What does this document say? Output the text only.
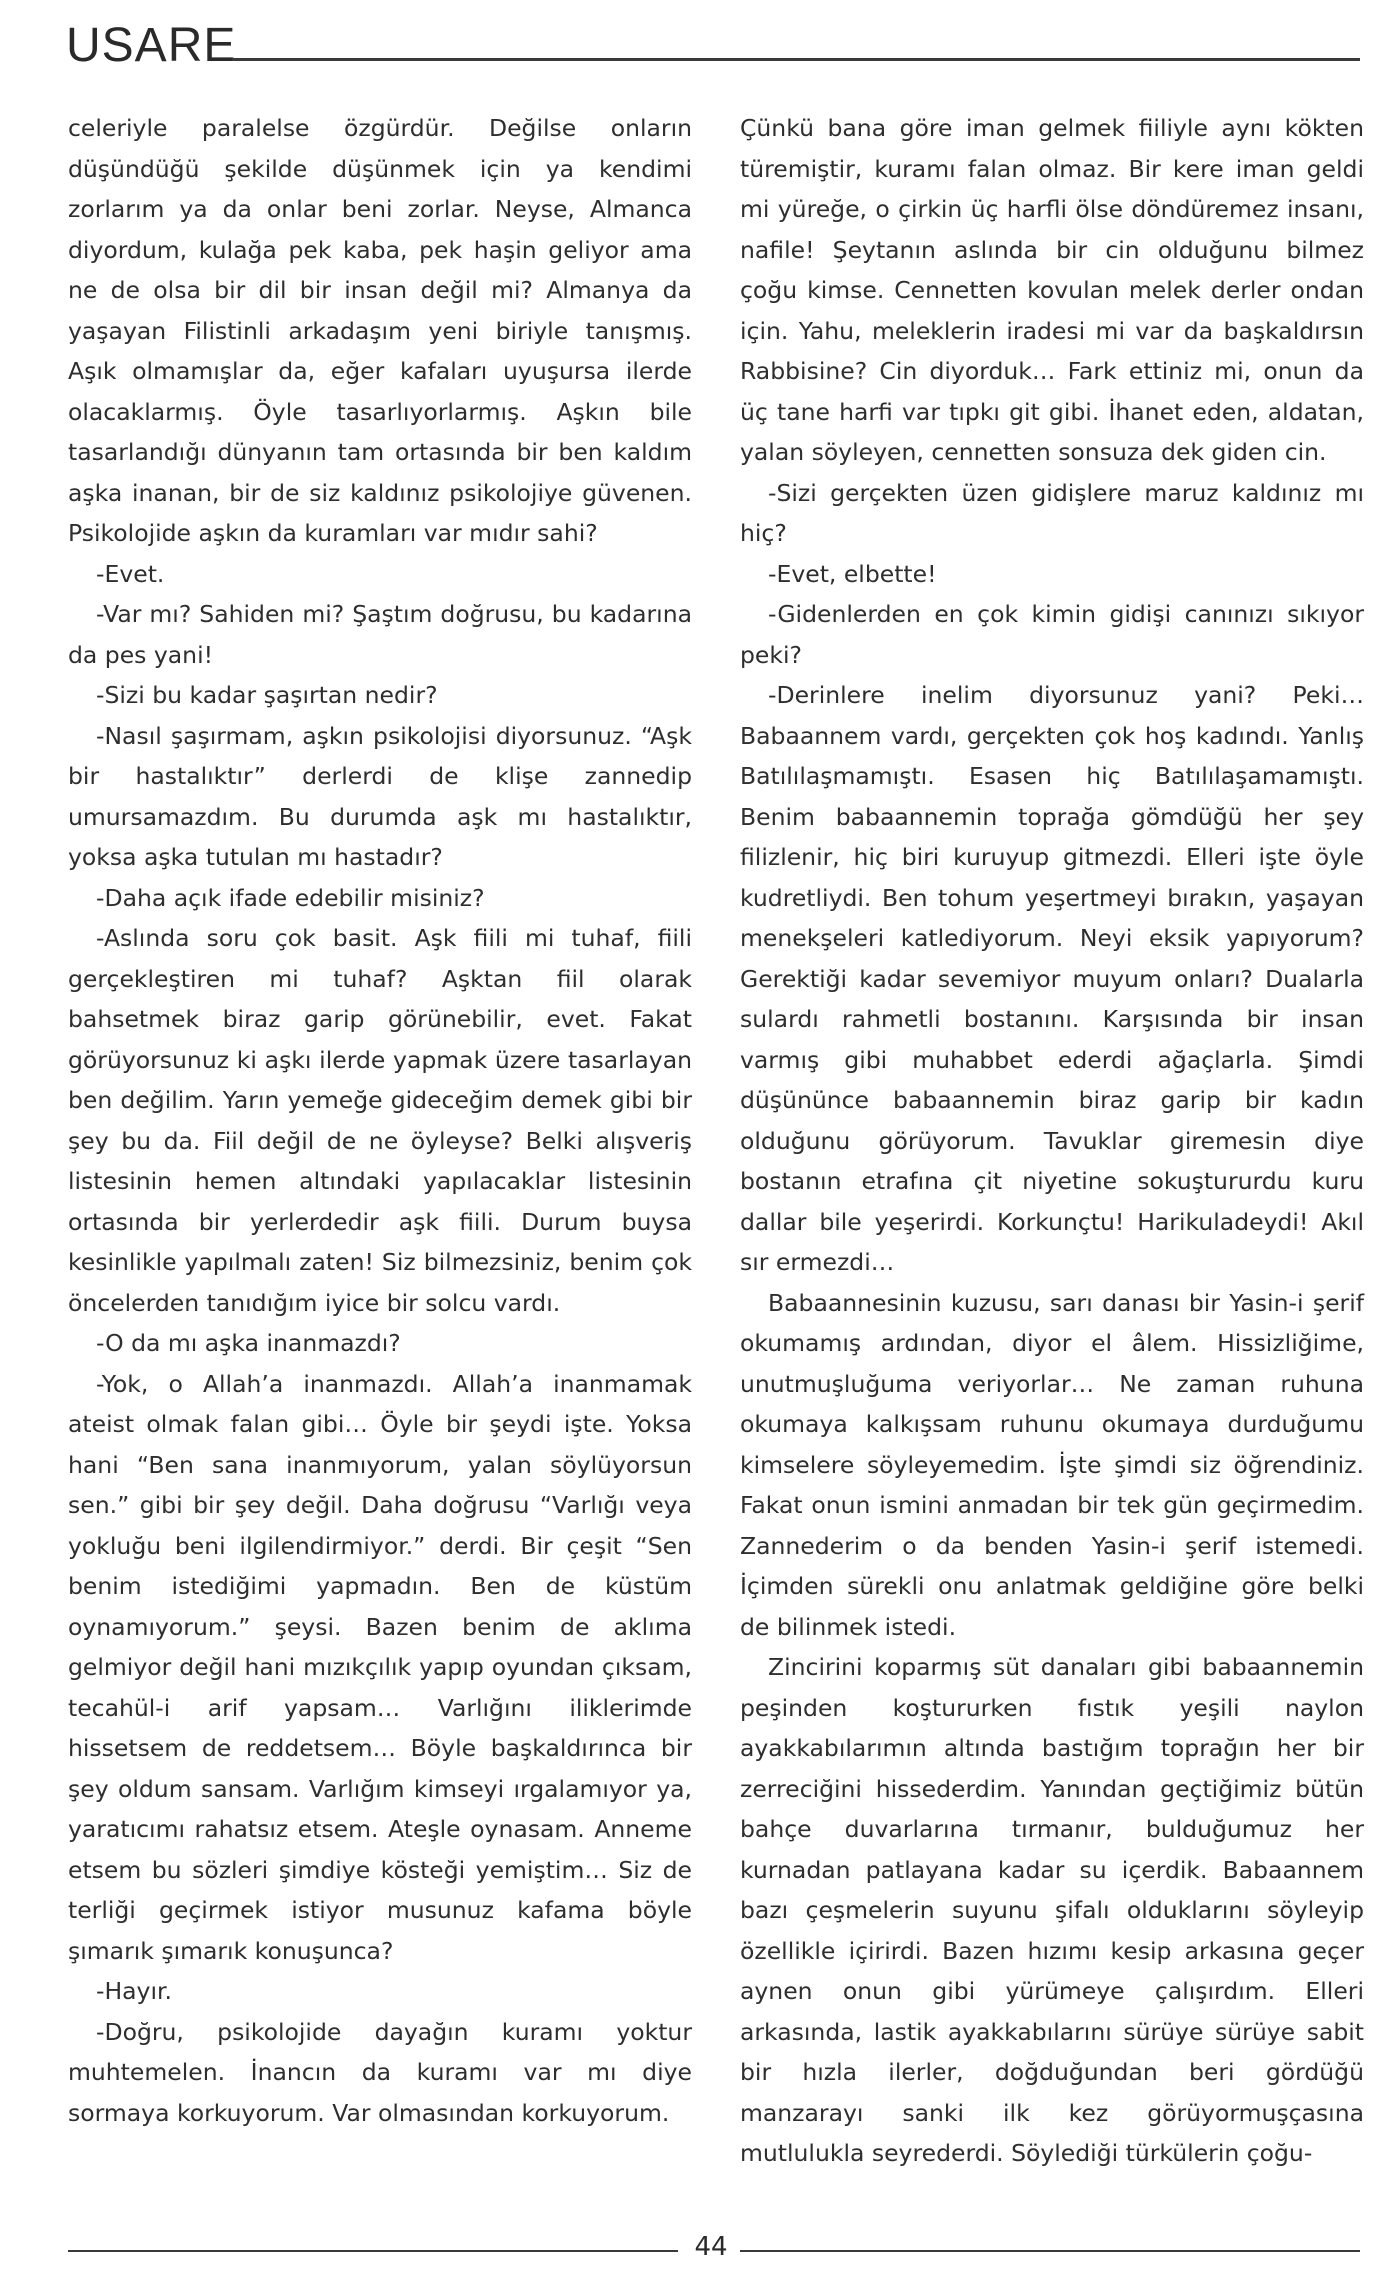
USARE

celeriyle paralelse özgürdür. Değilse onların düşündüğü şekilde düşünmek için ya kendimi zorlarım ya da onlar beni zorlar. Neyse, Almanca diyordum, kulağa pek kaba, pek haşin geliyor ama ne de olsa bir dil bir insan değil mi? Almanya da yaşayan Filistinli arkadaşım yeni biriyle tanışmış. Aşık olmamışlar da, eğer kafaları uyuşursa ilerde olacaklarmış. Öyle tasarlıyorlarmış. Aşkın bile tasarlandığı dünyanın tam ortasında bir ben kaldım aşka inanan, bir de siz kaldınız psikolojiye güvenen. Psikolojide aşkın da kuramları var mıdır sahi?

-Evet.

-Var mı? Sahiden mi? Şaştım doğrusu, bu kadarına da pes yani!

-Sizi bu kadar şaşırtan nedir?

-Nasıl şaşırmam, aşkın psikolojisi diyorsunuz. “Aşk bir hastalıktır” derlerdi de klişe zannedip umursamazdım. Bu durumda aşk mı hastalıktır, yoksa aşka tutulan mı hastadır?

-Daha açık ifade edebilir misiniz?

-Aslında soru çok basit. Aşk fiili mi tuhaf, fiili gerçekleştiren mi tuhaf? Aşktan fiil olarak bahsetmek biraz garip görünebilir, evet. Fakat görüyorsunuz ki aşkı ilerde yapmak üzere tasarlayan ben değilim. Yarın yemeğe gideceğim demek gibi bir şey bu da. Fiil değil de ne öyleyse? Belki alışveriş listesinin hemen altındaki yapılacaklar listesinin ortasında bir yerlerdedir aşk fiili. Durum buysa kesinlikle yapılmalı zaten! Siz bilmezsiniz, benim çok öncelerden tanıdığım iyice bir solcu vardı.

-O da mı aşka inanmazdı?

-Yok, o Allah’a inanmazdı. Allah’a inanmamak ateist olmak falan gibi… Öyle bir şeydi işte. Yoksa hani “Ben sana inanmıyorum, yalan söylüyorsun sen.” gibi bir şey değil. Daha doğrusu “Varlığı veya yokluğu beni ilgilendirmiyor.” derdi. Bir çeşit “Sen benim istediğimi yapmadın. Ben de küstüm oynamıyorum.” şeysi. Bazen benim de aklıma gelmiyor değil hani mızıkçılık yapıp oyundan çıksam, tecahül-i arif yapsam… Varlığını iliklerimde hissetsem de reddetsem… Böyle başkaldırınca bir şey oldum sansam. Varlığım kimseyi ırgalamıyor ya, yaratıcımı rahatsız etsem. Ateşle oynasam. Anneme etsem bu sözleri şimdiye kösteği yemiştim… Siz de terliği geçirmek istiyor musunuz kafama böyle şımarık şımarık konuşunca?

-Hayır.

-Doğru, psikolojide dayağın kuramı yoktur muhtemelen. İnancın da kuramı var mı diye sormaya korkuyorum. Var olmasından korkuyorum.

Çünkü bana göre iman gelmek fiiliyle aynı kökten türemiştir, kuramı falan olmaz. Bir kere iman geldi mi yüreğe, o çirkin üç harfli ölse döndüremez insanı, nafile! Şeytanın aslında bir cin olduğunu bilmez çoğu kimse. Cennetten kovulan melek derler ondan için. Yahu, meleklerin iradesi mi var da başkaldırsın Rabbisine? Cin diyorduk… Fark ettiniz mi, onun da üç tane harfi var tıpkı git gibi. İhanet eden, aldatan, yalan söyleyen, cennetten sonsuza dek giden cin.

-Sizi gerçekten üzen gidişlere maruz kaldınız mı hiç?

-Evet, elbette!

-Gidenlerden en çok kimin gidişi canınızı sıkıyor peki?

-Derinlere inelim diyorsunuz yani? Peki… Babaannem vardı, gerçekten çok hoş kadındı. Yanlış Batılılaşmamıştı. Esasen hiç Batılılaşamamıştı. Benim babaannemin toprağa gömdüğü her şey filizlenir, hiç biri kuruyup gitmezdi. Elleri işte öyle kudretliydi. Ben tohum yeşertmeyi bırakın, yaşayan menekşeleri katlediyorum. Neyi eksik yapıyorum? Gerektiği kadar sevemiyor muyum onları? Dualarla sulardı rahmetli bostanını. Karşısında bir insan varmış gibi muhabbet ederdi ağaçlarla. Şimdi düşününce babaannemin biraz garip bir kadın olduğunu görüyorum. Tavuklar giremesin diye bostanın etrafına çit niyetine sokuştururdu kuru dallar bile yeşerirdi. Korkunçtu! Harikuladeydi! Akıl sır ermezdi…

Babaannesinin kuzusu, sarı danası bir Yasin-i şerif okumamış ardından, diyor el âlem. Hissizliğime, unutmuşluğuma veriyorlar… Ne zaman ruhuna okumaya kalkışsam ruhunu okumaya durduğumu kimselere söyleyemedim. İşte şimdi siz öğrendiniz. Fakat onun ismini anmadan bir tek gün geçirmedim. Zannederim o da benden Yasin-i şerif istemedi. İçimden sürekli onu anlatmak geldiğine göre belki de bilinmek istedi.

Zincirini koparmış süt danaları gibi babaannemin peşinden koştururken fıstık yeşili naylon ayakkabılarımın altında bastığım toprağın her bir zerreciğini hissederdim. Yanından geçtiğimiz bütün bahçe duvarlarına tırmanır, bulduğumuz her kurnadan patlayana kadar su içerdik. Babaannem bazı çeşmelerin suyunu şifalı olduklarını söyleyip özellikle içirirdi. Bazen hızımı kesip arkasına geçer aynen onun gibi yürümeye çalışırdım. Elleri arkasında, lastik ayakkabılarını sürüye sürüye sabit bir hızla ilerler, doğduğundan beri gördüğü manzarayı sanki ilk kez görüyormuşçasına mutlulukla seyrederdi. Söylediği türkülerin çoğu-

44
